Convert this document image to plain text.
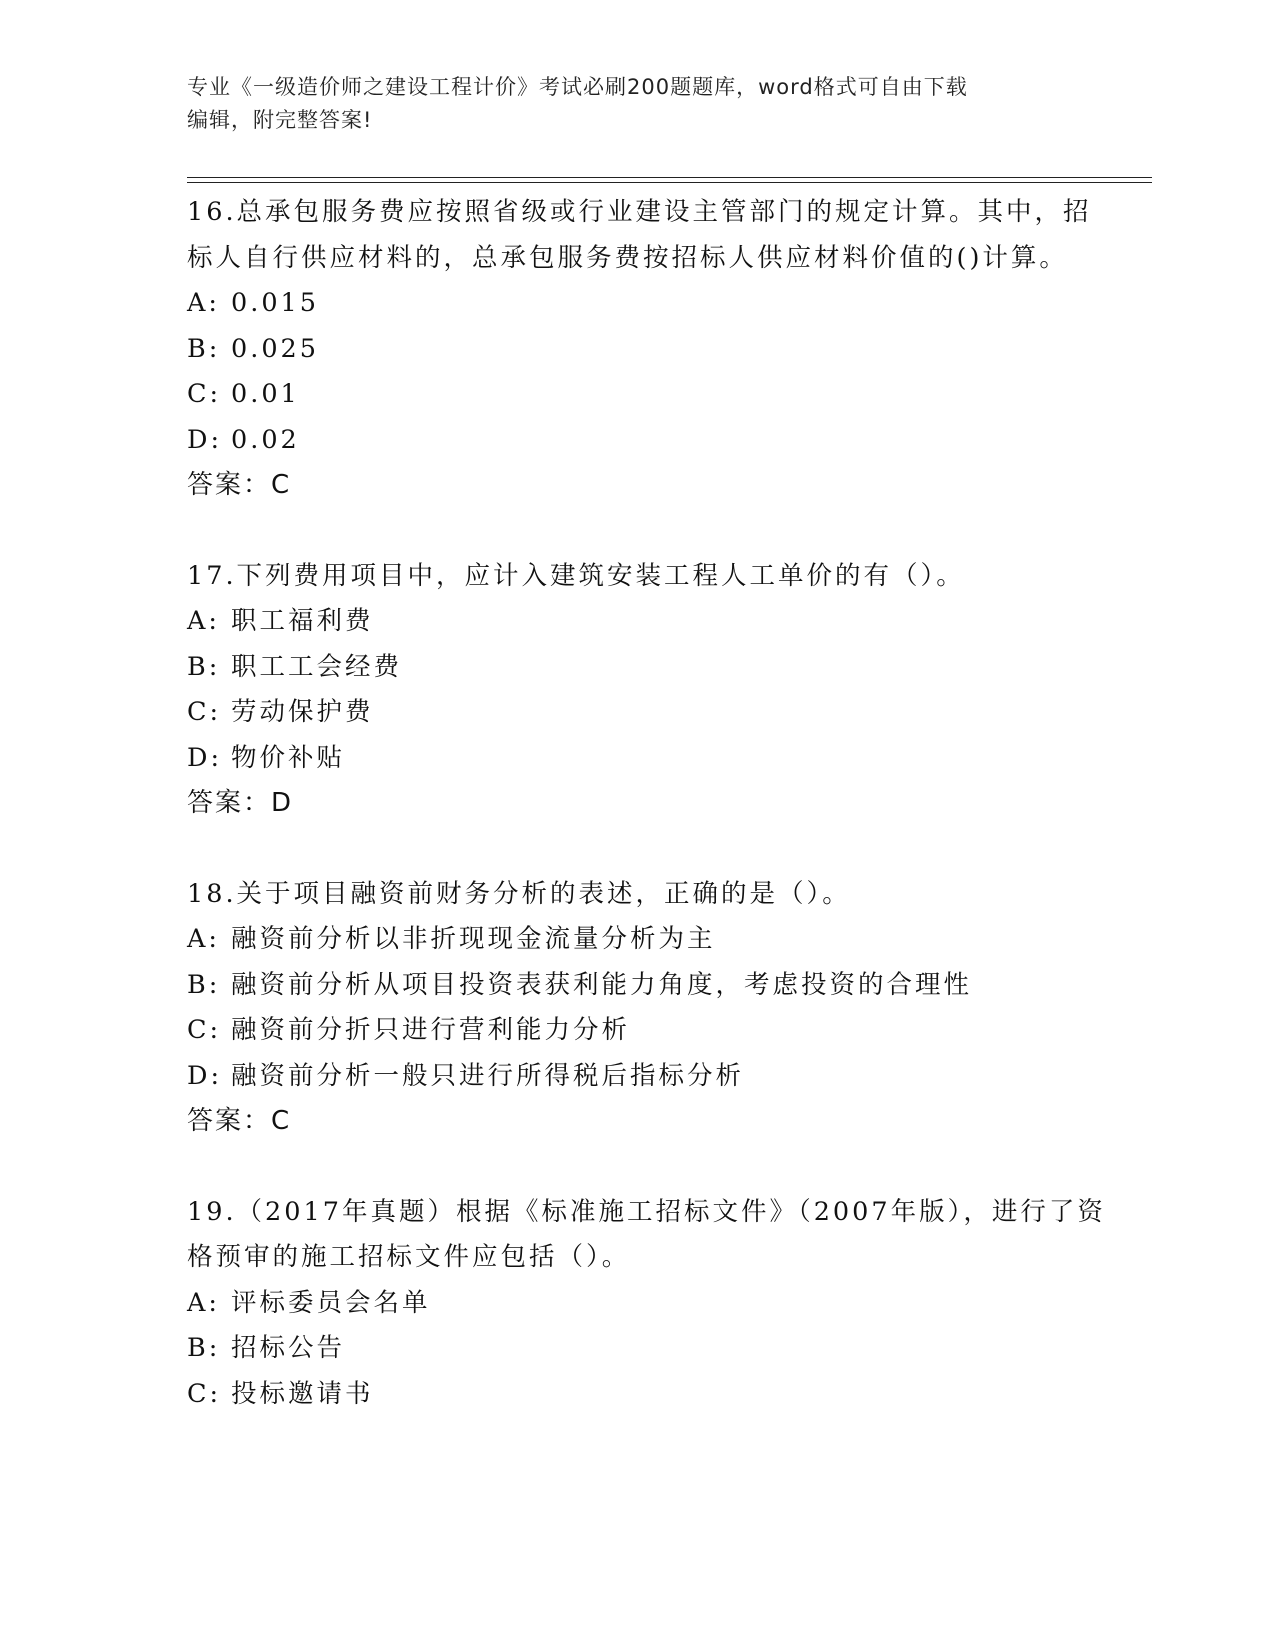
专业《一级造价师之建设工程计价》考试必刷200题题库，word格式可自由下载
编辑，附完整答案!

16.总承包服务费应按照省级或行业建设主管部门的规定计算。其中，招标人自行供应材料的，总承包服务费按招标人供应材料价值的()计算。

A: 0.015
B: 0.025
C: 0.01
D: 0.02

答案：C

17.下列费用项目中，应计入建筑安装工程人工单价的有（）。

A: 职工福利费
B: 职工工会经费
C: 劳动保护费
D: 物价补贴

答案：D

18.关于项目融资前财务分析的表述，正确的是（）。

A: 融资前分析以非折现现金流量分析为主
B: 融资前分析从项目投资表获利能力角度，考虑投资的合理性
C: 融资前分折只进行营利能力分析
D: 融资前分析一般只进行所得税后指标分析

答案：C

19.（2017年真题）根据《标准施工招标文件》（2007年版），进行了资格预审的施工招标文件应包括（）。

A: 评标委员会名单
B: 招标公告
C: 投标邀请书
